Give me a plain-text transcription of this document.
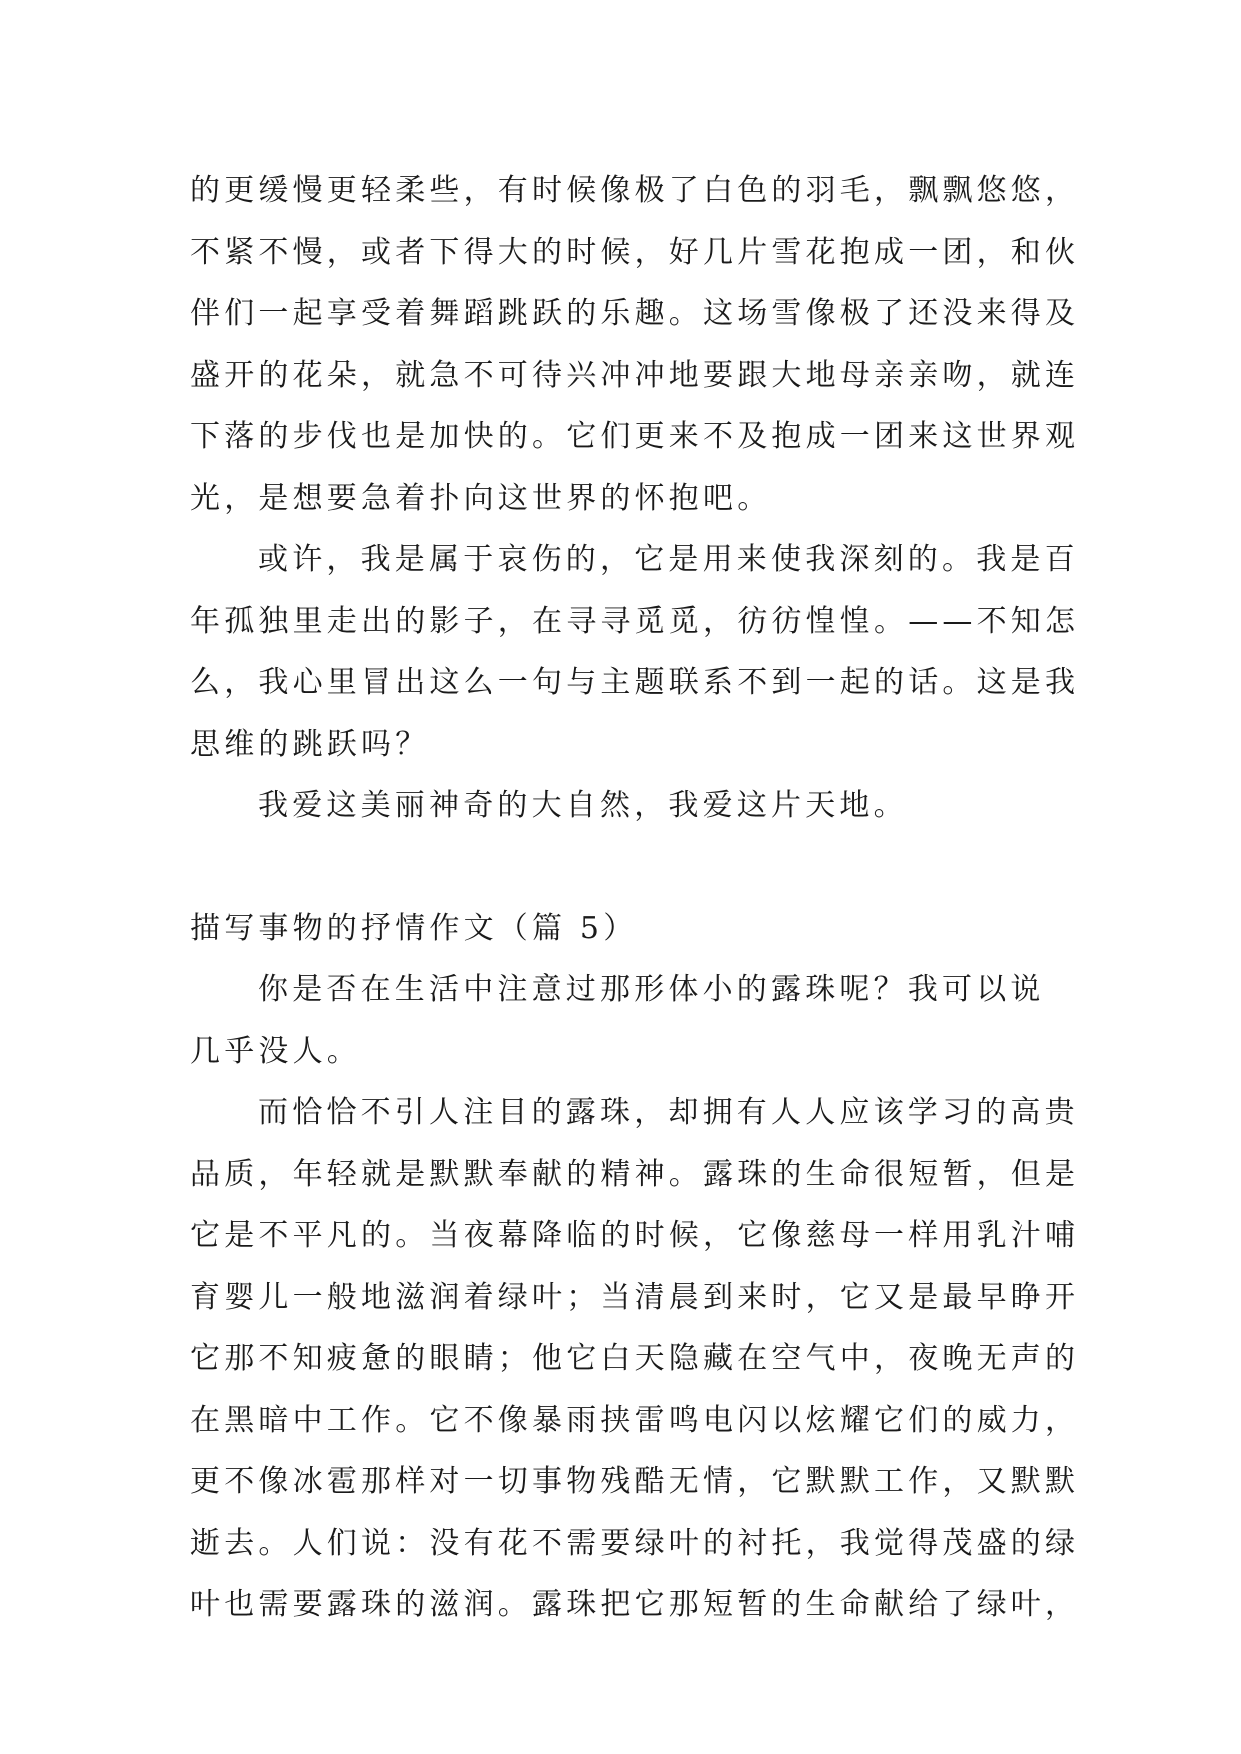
的更缓慢更轻柔些，有时候像极了白色的羽毛，飘飘悠悠，
不紧不慢，或者下得大的时候，好几片雪花抱成一团，和伙
伴们一起享受着舞蹈跳跃的乐趣。这场雪像极了还没来得及
盛开的花朵，就急不可待兴冲冲地要跟大地母亲亲吻，就连
下落的步伐也是加快的。它们更来不及抱成一团来这世界观
光，是想要急着扑向这世界的怀抱吧。
或许，我是属于哀伤的，它是用来使我深刻的。我是百
年孤独里走出的影子，在寻寻觅觅，彷彷惶惶。——不知怎
么，我心里冒出这么一句与主题联系不到一起的话。这是我
思维的跳跃吗？
我爱这美丽神奇的大自然，我爱这片天地。
描写事物的抒情作文（篇 5）
你是否在生活中注意过那形体小的露珠呢？我可以说
几乎没人。
而恰恰不引人注目的露珠，却拥有人人应该学习的高贵
品质，年轻就是默默奉献的精神。露珠的生命很短暂，但是
它是不平凡的。当夜幕降临的时候，它像慈母一样用乳汁哺
育婴儿一般地滋润着绿叶；当清晨到来时，它又是最早睁开
它那不知疲惫的眼睛；他它白天隐藏在空气中，夜晚无声的
在黑暗中工作。它不像暴雨挟雷鸣电闪以炫耀它们的威力，
更不像冰雹那样对一切事物残酷无情，它默默工作，又默默
逝去。人们说：没有花不需要绿叶的衬托，我觉得茂盛的绿
叶也需要露珠的滋润。露珠把它那短暂的生命献给了绿叶，
